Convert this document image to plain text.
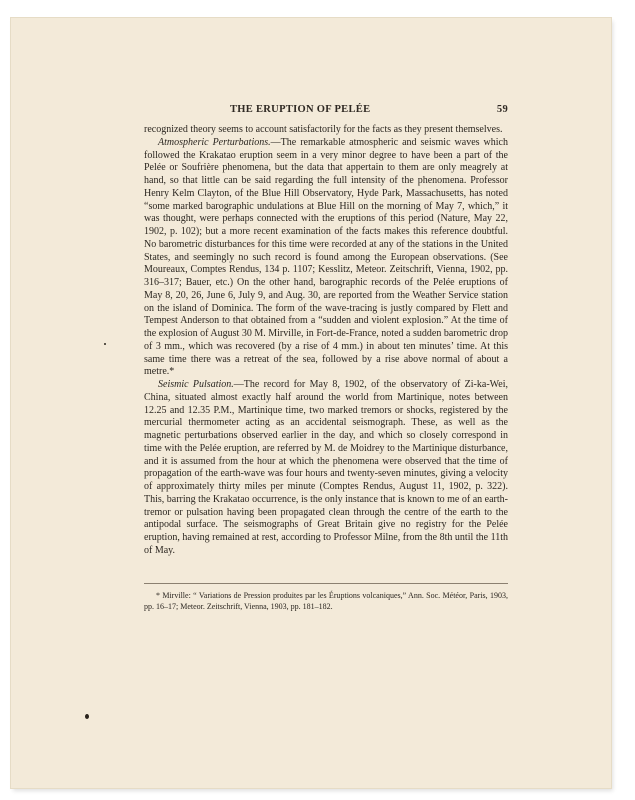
THE ERUPTION OF PELÉE	59

recognized theory seems to account satisfactorily for the facts as they present themselves.

Atmospheric Perturbations.—The remarkable atmospheric and seismic waves which followed the Krakatao eruption seem in a very minor degree to have been a part of the Pelée or Soufrière phenomena, but the data that appertain to them are only meagrely at hand, so that little can be said regarding the full intensity of the phenomena. Professor Henry Kelm Clayton, of the Blue Hill Observatory, Hyde Park, Massachusetts, has noted “some marked barographic undulations at Blue Hill on the morning of May 7, which,” it was thought, were perhaps connected with the eruptions of this period (Nature, May 22, 1902, p. 102); but a more recent examination of the facts makes this reference doubtful. No barometric disturbances for this time were recorded at any of the stations in the United States, and seemingly no such record is found among the European observations. (See Moureaux, Comptes Rendus, 134 p. 1107; Kesslitz, Meteor. Zeitschrift, Vienna, 1902, pp. 316–317; Bauer, etc.) On the other hand, barographic records of the Pelée eruptions of May 8, 20, 26, June 6, July 9, and Aug. 30, are reported from the Weather Service station on the island of Dominica. The form of the wave-tracing is justly compared by Flett and Tempest Anderson to that obtained from a “sudden and violent explosion.” At the time of the explosion of August 30 M. Mirville, in Fort-de-France, noted a sudden barometric drop of 3 mm., which was recovered (by a rise of 4 mm.) in about ten minutes’ time. At this same time there was a retreat of the sea, followed by a rise above normal of about a metre.*

Seismic Pulsation.—The record for May 8, 1902, of the observatory of Zi-ka-Wei, China, situated almost exactly half around the world from Martinique, notes between 12.25 and 12.35 P.M., Martinique time, two marked tremors or shocks, registered by the mercurial thermometer acting as an accidental seismograph. These, as well as the magnetic perturbations observed earlier in the day, and which so closely correspond in time with the Pelée eruption, are referred by M. de Moidrey to the Martinique disturbance, and it is assumed from the hour at which the phenomena were observed that the time of propagation of the earth-wave was four hours and twenty-seven minutes, giving a velocity of approximately thirty miles per minute (Comptes Rendus, August 11, 1902, p. 322). This, barring the Krakatao occurrence, is the only instance that is known to me of an earth-tremor or pulsation having been propagated clean through the centre of the earth to the antipodal surface. The seismographs of Great Britain give no registry for the Pelée eruption, having remained at rest, according to Professor Milne, from the 8th until the 11th of May.

* Mirville: “ Variations de Pression produites par les Éruptions volcaniques,” Ann. Soc. Météor, Paris, 1903, pp. 16–17; Meteor. Zeitschrift, Vienna, 1903, pp. 181–182.
